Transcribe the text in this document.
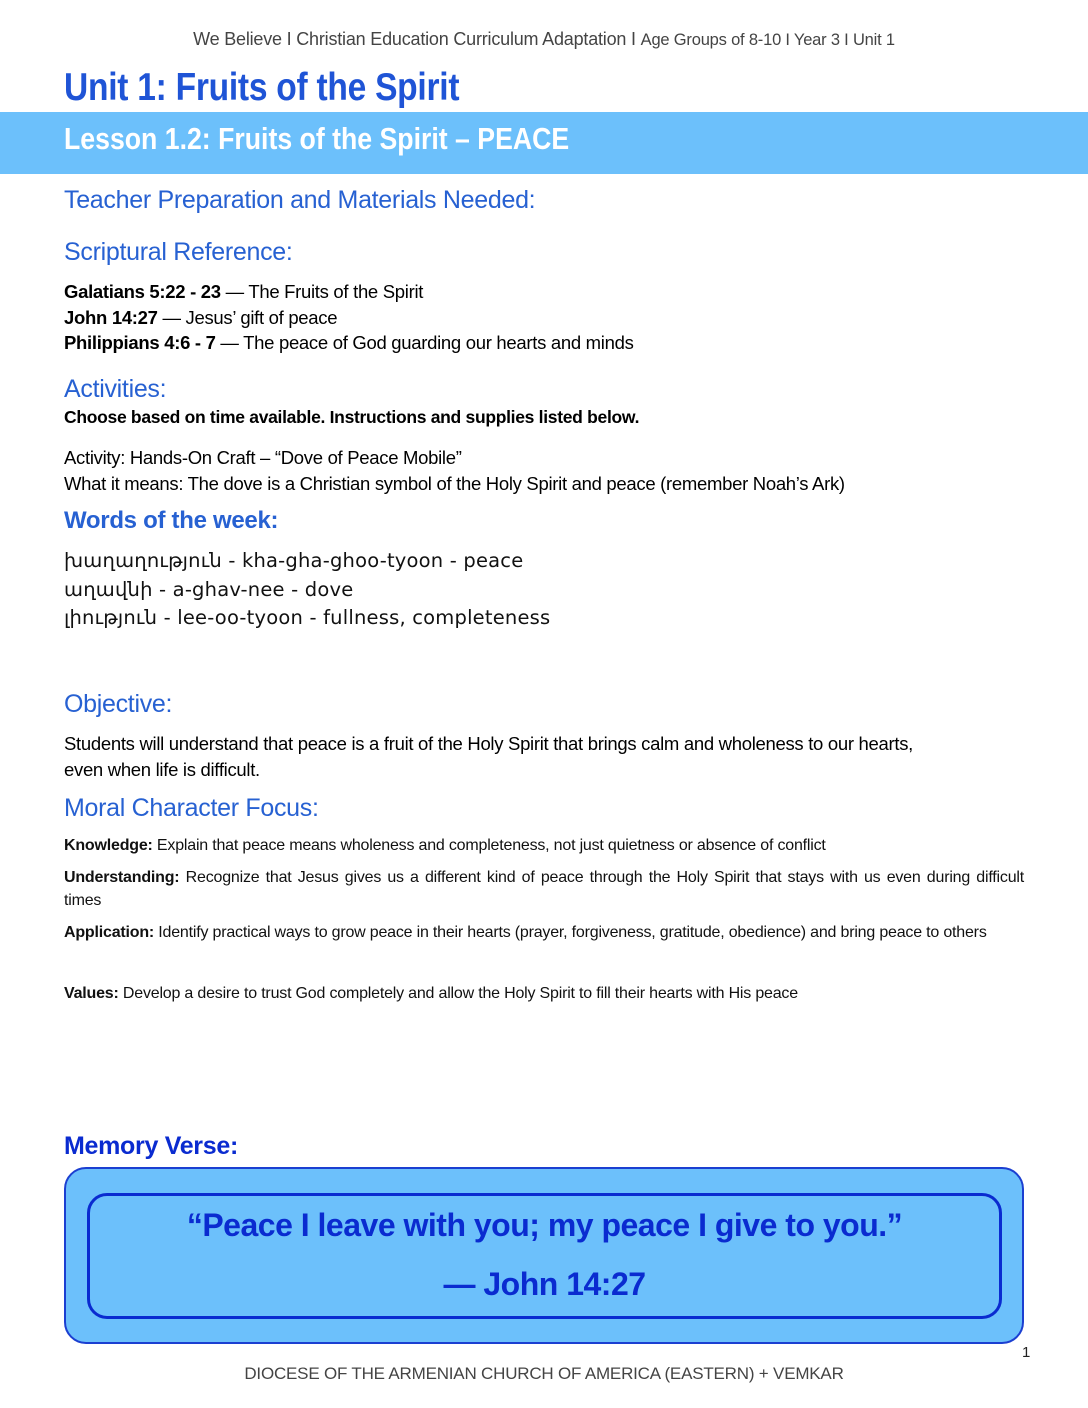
We Believe I Christian Education Curriculum Adaptation I Age Groups of 8-10 I Year 3 I Unit 1
Unit 1: Fruits of the Spirit
Lesson 1.2: Fruits of the Spirit – PEACE
Teacher Preparation and Materials Needed:
Scriptural Reference:
Galatians 5:22 - 23 — The Fruits of the Spirit
John 14:27 — Jesus’ gift of peace
Philippians 4:6 - 7 — The peace of God guarding our hearts and minds
Activities:
Choose based on time available. Instructions and supplies listed below.
Activity: Hands-On Craft – “Dove of Peace Mobile”
What it means: The dove is a Christian symbol of the Holy Spirit and peace (remember Noah’s Ark)
Words of the week:
խաղաղություն - kha-gha-ghoo-tyoon - peace
աղավնի - a-ghav-nee - dove
լիություն - lee-oo-tyoon - fullness, completeness
Objective:
Students will understand that peace is a fruit of the Holy Spirit that brings calm and wholeness to our hearts,
even when life is difficult.
Moral Character Focus:
Knowledge: Explain that peace means wholeness and completeness, not just quietness or absence of conflict
Understanding: Recognize that Jesus gives us a different kind of peace through the Holy Spirit that stays with us even during difficult times
Application: Identify practical ways to grow peace in their hearts (prayer, forgiveness, gratitude, obedience) and bring peace to others
Values: Develop a desire to trust God completely and allow the Holy Spirit to fill their hearts with His peace
Memory Verse:
“Peace I leave with you; my peace I give to you.”
— John 14:27
1
DIOCESE OF THE ARMENIAN CHURCH OF AMERICA (EASTERN) + VEMKAR
